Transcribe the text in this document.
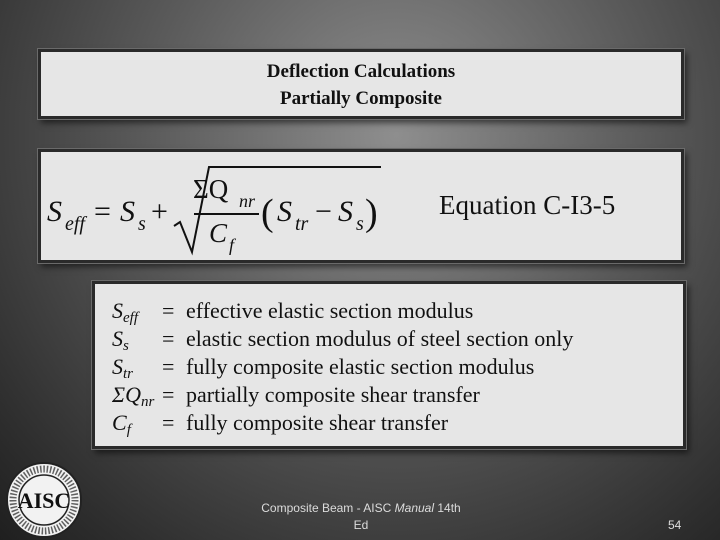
Deflection Calculations
Partially Composite
S eff = S s +
ΣQ nr
C f
( S tr − S s ) Equation C-I3-5
$S_{eff}$ = effective elastic section modulus
$S_s$ = elastic section modulus of steel section only
$S_{tr}$ = fully composite elastic section modulus
$\Sigma Q_{nr}$ = partially composite shear transfer
$C_f$ = fully composite shear transfer
AISC	Composite Beam - AISC Manual 14th
Ed	54
